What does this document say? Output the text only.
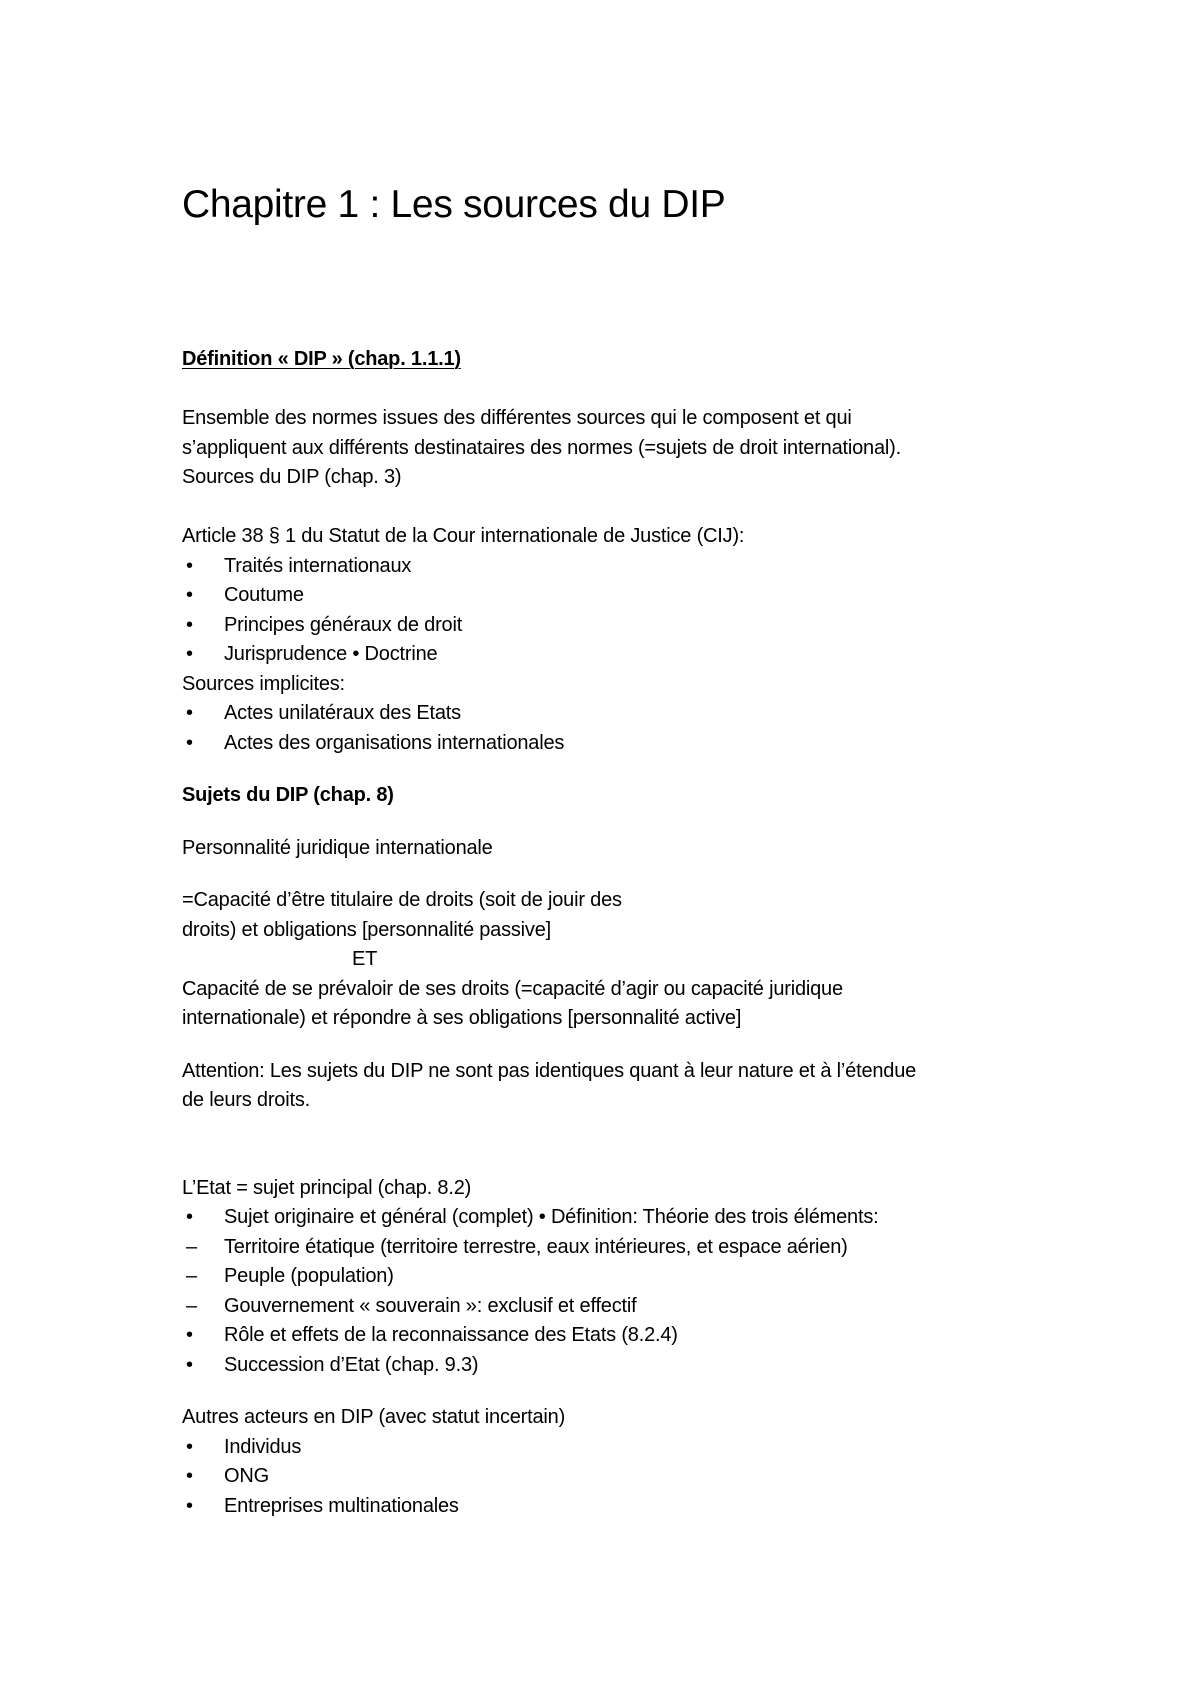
Chapitre 1 : Les sources du DIP
Définition « DIP » (chap. 1.1.1)
Ensemble des normes issues des différentes sources qui le composent et qui
s’appliquent aux différents destinataires des normes (=sujets de droit international).
Sources du DIP (chap. 3)
Article 38 § 1 du Statut de la Cour internationale de Justice (CIJ):
•	Traités internationaux
•	Coutume
•	Principes généraux de droit
•	Jurisprudence • Doctrine
Sources implicites:
•	Actes unilatéraux des Etats
•	Actes des organisations internationales
Sujets du DIP (chap. 8)
Personnalité juridique internationale
=Capacité d’être titulaire de droits (soit de jouir des
droits) et obligations [personnalité passive]
ET
Capacité de se prévaloir de ses droits (=capacité d’agir ou capacité juridique
internationale) et répondre à ses obligations [personnalité active]
Attention: Les sujets du DIP ne sont pas identiques quant à leur nature et à l’étendue
de leurs droits.
L’Etat = sujet principal (chap. 8.2)
•	Sujet originaire et général (complet) • Définition: Théorie des trois éléments:
–	Territoire étatique (territoire terrestre, eaux intérieures, et espace aérien)
–	Peuple (population)
–	Gouvernement « souverain »: exclusif et effectif
•	Rôle et effets de la reconnaissance des Etats (8.2.4)
•	Succession d’Etat (chap. 9.3)
Autres acteurs en DIP (avec statut incertain)
•	Individus
•	ONG
•	Entreprises multinationales
